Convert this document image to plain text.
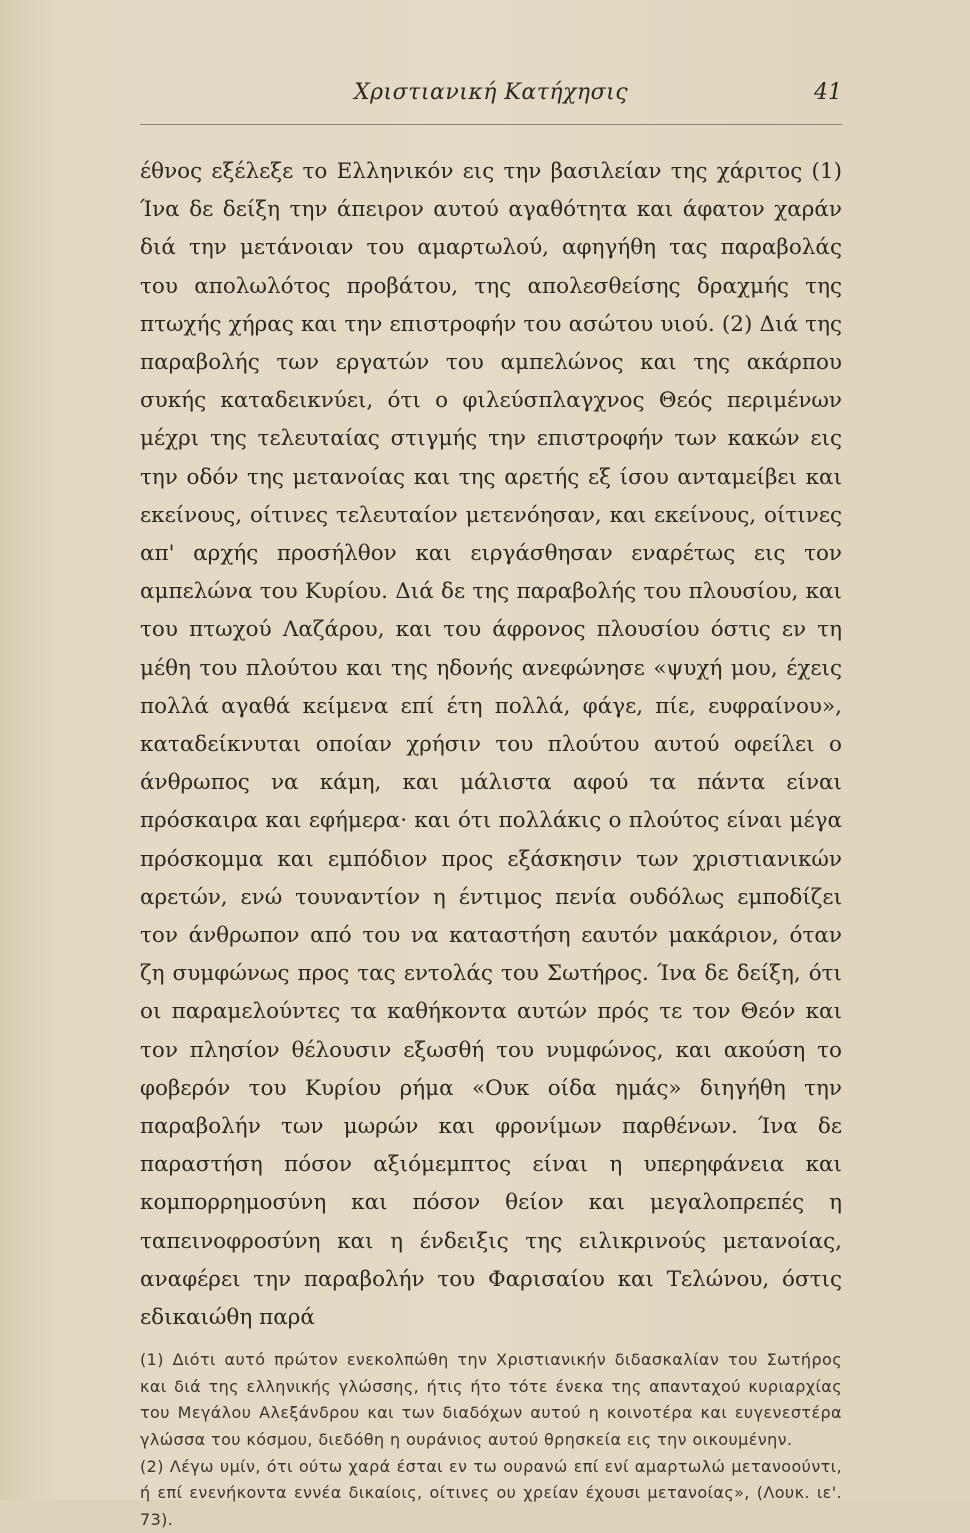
Χριστιανική Κατήχησις	41

έθνος εξέλεξε το Ελληνικόν εις την βασιλείαν της χάριτος (1) Ίνα δε δείξη την άπειρον αυτού αγαθότητα και άφατον χαράν διά την μετάνοιαν του αμαρτωλού, αφηγήθη τας παραβολάς του απολωλότος προβάτου, της απολεσθείσης δραχμής της πτωχής χήρας και την επιστροφήν του ασώτου υιού. (2) Διά της παραβολής των εργατών του αμπελώνος και της ακάρπου συκής καταδεικνύει, ότι ο φιλεύσπλαγχνος Θεός περιμένων μέχρι της τελευταίας στιγμής την επιστροφήν των κακών εις την οδόν της μετανοίας και της αρετής εξ ίσου ανταμείβει και εκείνους, οίτινες τελευταίον μετενόησαν, και εκείνους, οίτινες απ' αρχής προσήλθον και ειργάσθησαν εναρέτως εις τον αμπελώνα του Κυρίου. Διά δε της παραβολής του πλουσίου, και του πτωχού Λαζάρου, και του άφρονος πλουσίου όστις εν τη μέθη του πλούτου και της ηδονής ανεφώνησε «ψυχή μου, έχεις πολλά αγαθά κείμενα επί έτη πολλά, φάγε, πίε, ευφραίνου», καταδείκνυται οποίαν χρήσιν του πλούτου αυτού οφείλει ο άνθρωπος να κάμη, και μάλιστα αφού τα πάντα είναι πρόσκαιρα και εφήμερα· και ότι πολλάκις ο πλούτος είναι μέγα πρόσκομμα και εμπόδιον προς εξάσκησιν των χριστιανικών αρετών, ενώ τουναντίον η έντιμος πενία ουδόλως εμποδίζει τον άνθρωπον από του να καταστήση εαυτόν μακάριον, όταν ζη συμφώνως προς τας εντολάς του Σωτήρος. Ίνα δε δείξη, ότι οι παραμελούντες τα καθήκοντα αυτών πρός τε τον Θεόν και τον πλησίον θέλουσιν εξωσθή του νυμφώνος, και ακούση το φοβερόν του Κυρίου ρήμα «Ουκ οίδα ημάς» διηγήθη την παραβολήν των μωρών και φρονίμων παρθένων. Ίνα δε παραστήση πόσον αξιόμεμπτος είναι η υπερηφάνεια και κομπορρημοσύνη και πόσον θείον και μεγαλοπρεπές η ταπεινοφροσύνη και η ένδειξις της ειλικρινούς μετανοίας, αναφέρει την παραβολήν του Φαρισαίου και Τελώνου, όστις εδικαιώθη παρά

(1) Διότι αυτό πρώτον ενεκολπώθη την Χριστιανικήν διδασκαλίαν του Σωτήρος και διά της ελληνικής γλώσσης, ήτις ήτο τότε ένεκα της απανταχού κυριαρχίας του Μεγάλου Αλεξάνδρου και των διαδόχων αυτού η κοινοτέρα και ευγενεστέρα γλώσσα του κόσμου, διεδόθη η ουράνιος αυτού θρησκεία εις την οικουμένην.

(2) Λέγω υμίν, ότι ούτω χαρά έσται εν τω ουρανώ επί ενί αμαρτωλώ μετανοούντι, ή επί ενενήκοντα εννέα δικαίοις, οίτινες ου χρείαν έχουσι μετανοίας», (Λουκ. ιε'. 73).
